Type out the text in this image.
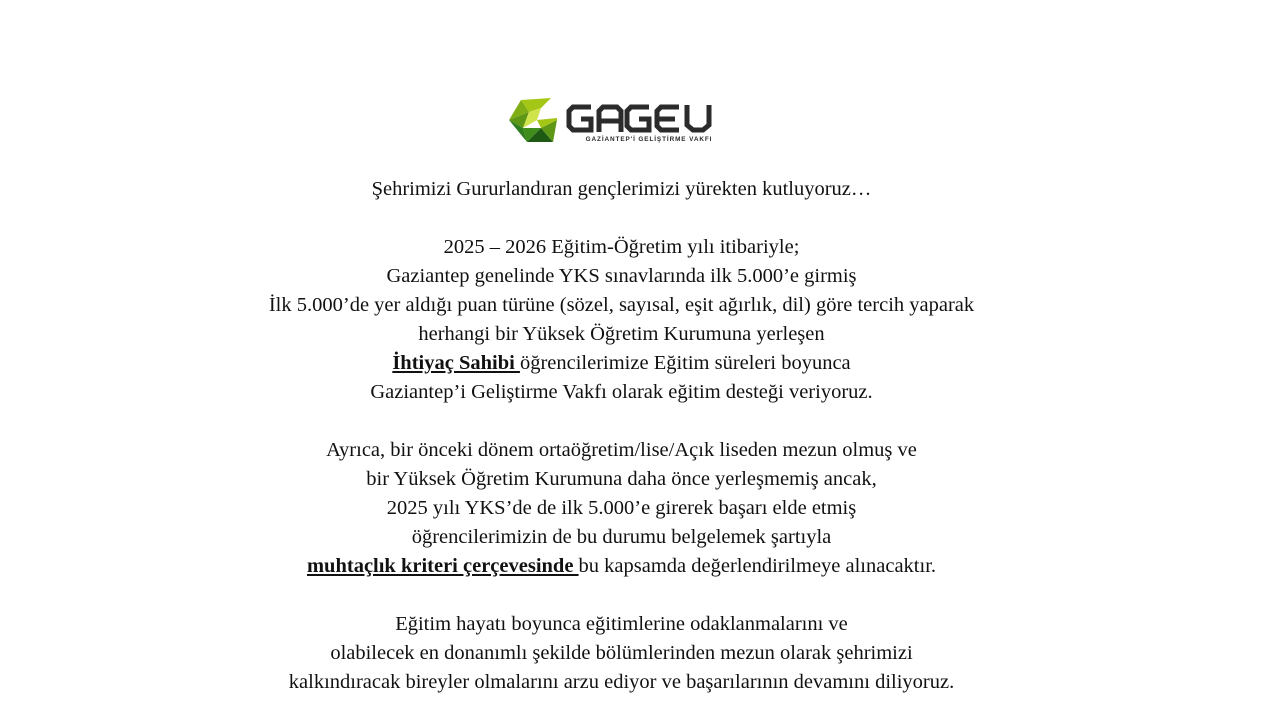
GAZİANTEP'İ GELİŞTİRME VAKFI
Şehrimizi Gururlandıran gençlerimizi yürekten kutluyoruz…
2025 – 2026 Eğitim-Öğretim yılı itibariyle;
Gaziantep genelinde YKS sınavlarında ilk 5.000’e girmiş
İlk 5.000’de yer aldığı puan türüne (sözel, sayısal, eşit ağırlık, dil) göre tercih yaparak
herhangi bir Yüksek Öğretim Kurumuna yerleşen
İhtiyaç Sahibi öğrencilerimize Eğitim süreleri boyunca
Gaziantep’i Geliştirme Vakfı olarak eğitim desteği veriyoruz.
Ayrıca, bir önceki dönem ortaöğretim/lise/Açık liseden mezun olmuş ve
bir Yüksek Öğretim Kurumuna daha önce yerleşmemiş ancak,
2025 yılı YKS’de de ilk 5.000’e girerek başarı elde etmiş
öğrencilerimizin de bu durumu belgelemek şartıyla
muhtaçlık kriteri çerçevesinde bu kapsamda değerlendirilmeye alınacaktır.
Eğitim hayatı boyunca eğitimlerine odaklanmalarını ve
olabilecek en donanımlı şekilde bölümlerinden mezun olarak şehrimizi
kalkındıracak bireyler olmalarını arzu ediyor ve başarılarının devamını diliyoruz.
